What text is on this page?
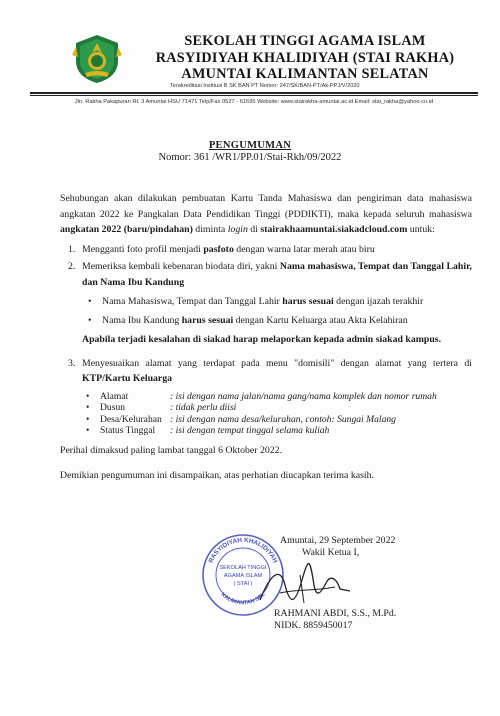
SEKOLAH TINGGI AGAMA ISLAM
RASYIDIYAH KHALIDIYAH (STAI RAKHA)
AMUNTAI KALIMANTAN SELATAN
Terakreditasi Institusi B SK BAN PT Nomor: 247/SK/BAN-PT/Ak-PPJ/V/2020
Jln. Rakha Pakapuran Rt. 3 Amuntai HSU 71471 Telp/Fax 0527 - 61695 Website: www.stairakha-amuntai.ac.id Email: stai_rakha@yahoo.co.id
PENGUMUMAN
Nomor: 361 /WR1/PP.01/Stai-Rkh/09/2022

Sehubungan akan dilakukan pembuatan Kartu Tanda Mahasiswa dan pengiriman data mahasiswa angkatan 2022 ke Pangkalan Data Pendidikan Tinggi (PDDIKTI), maka kepada seluruh mahasiswa angkatan 2022 (baru/pindahan) diminta login di stairakhaamuntai.siakadcloud.com untuk:

1. Mengganti foto profil menjadi pasfoto dengan warna latar merah atau biru
2. Memeriksa kembali kebenaran biodata diri, yakni Nama mahasiswa, Tempat dan Tanggal Lahir, dan Nama Ibu Kandung

• Nama Mahasiswa, Tempat dan Tanggal Lahir harus sesuai dengan ijazah terakhir
• Nama Ibu Kandung harus sesuai dengan Kartu Keluarga atau Akta Kelahiran

Apabila terjadi kesalahan di siakad harap melaporkan kepada admin siakad kampus.

3. Menyesuaikan alamat yang terdapat pada menu "domisili" dengan alamat yang tertera di KTP/Kartu Keluarga

•	Alamat	: isi dengan nama jalan/nama gang/nama komplek dan nomor rumah
•	Dusun	: tidak perlu diisi
•	Desa/Kelurahan	: isi dengan nama desa/kelurahan, contoh: Sungai Malang
•	Status Tinggal	: isi dengan tempat tinggal selama kuliah

Perihal dimaksud paling lambat tanggal 6 Oktober 2022.

Demikian pengumuman ini disampaikan, atas perhatian diucapkan terima kasih.

RASYIDIYAH KHALIDIYAH
SEKOLAH TINGGI
AGAMA ISLAM
( STAI )
KALIMANTAN SEL
Amuntai, 29 September 2022
Wakil Ketua I,
RAHMANI ABDI, S.S., M.Pd.
NIDK. 8859450017
